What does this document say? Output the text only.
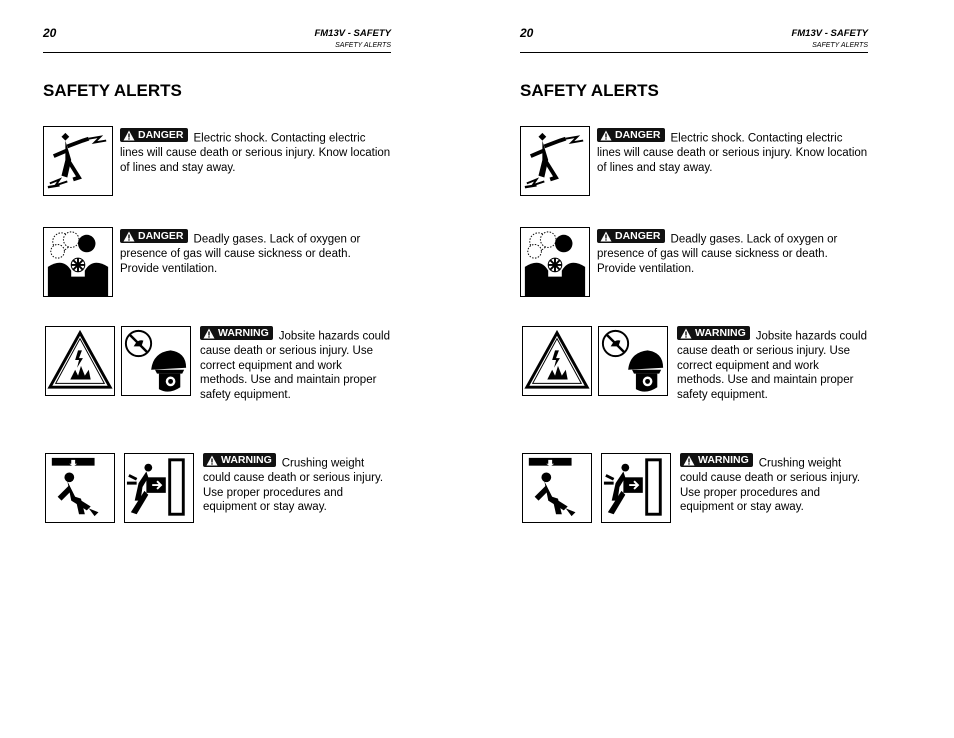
20	FM13V - SAFETY
SAFETY ALERTS
SAFETY ALERTS
DANGER Electric shock. Contacting electric lines will cause death or serious injury. Know location of lines and stay away.
DANGER Deadly gases. Lack of oxygen or presence of gas will cause sickness or death. Provide ventilation.
WARNING Jobsite hazards could cause death or serious injury. Use correct equipment and work methods. Use and maintain proper safety equipment.
WARNING Crushing weight could cause death or serious injury. Use proper procedures and equipment or stay away.
20	FM13V - SAFETY
SAFETY ALERTS
SAFETY ALERTS
DANGER Electric shock. Contacting electric lines will cause death or serious injury. Know location of lines and stay away.
DANGER Deadly gases. Lack of oxygen or presence of gas will cause sickness or death. Provide ventilation.
WARNING Jobsite hazards could cause death or serious injury. Use correct equipment and work methods. Use and maintain proper safety equipment.
WARNING Crushing weight could cause death or serious injury. Use proper procedures and equipment or stay away.
